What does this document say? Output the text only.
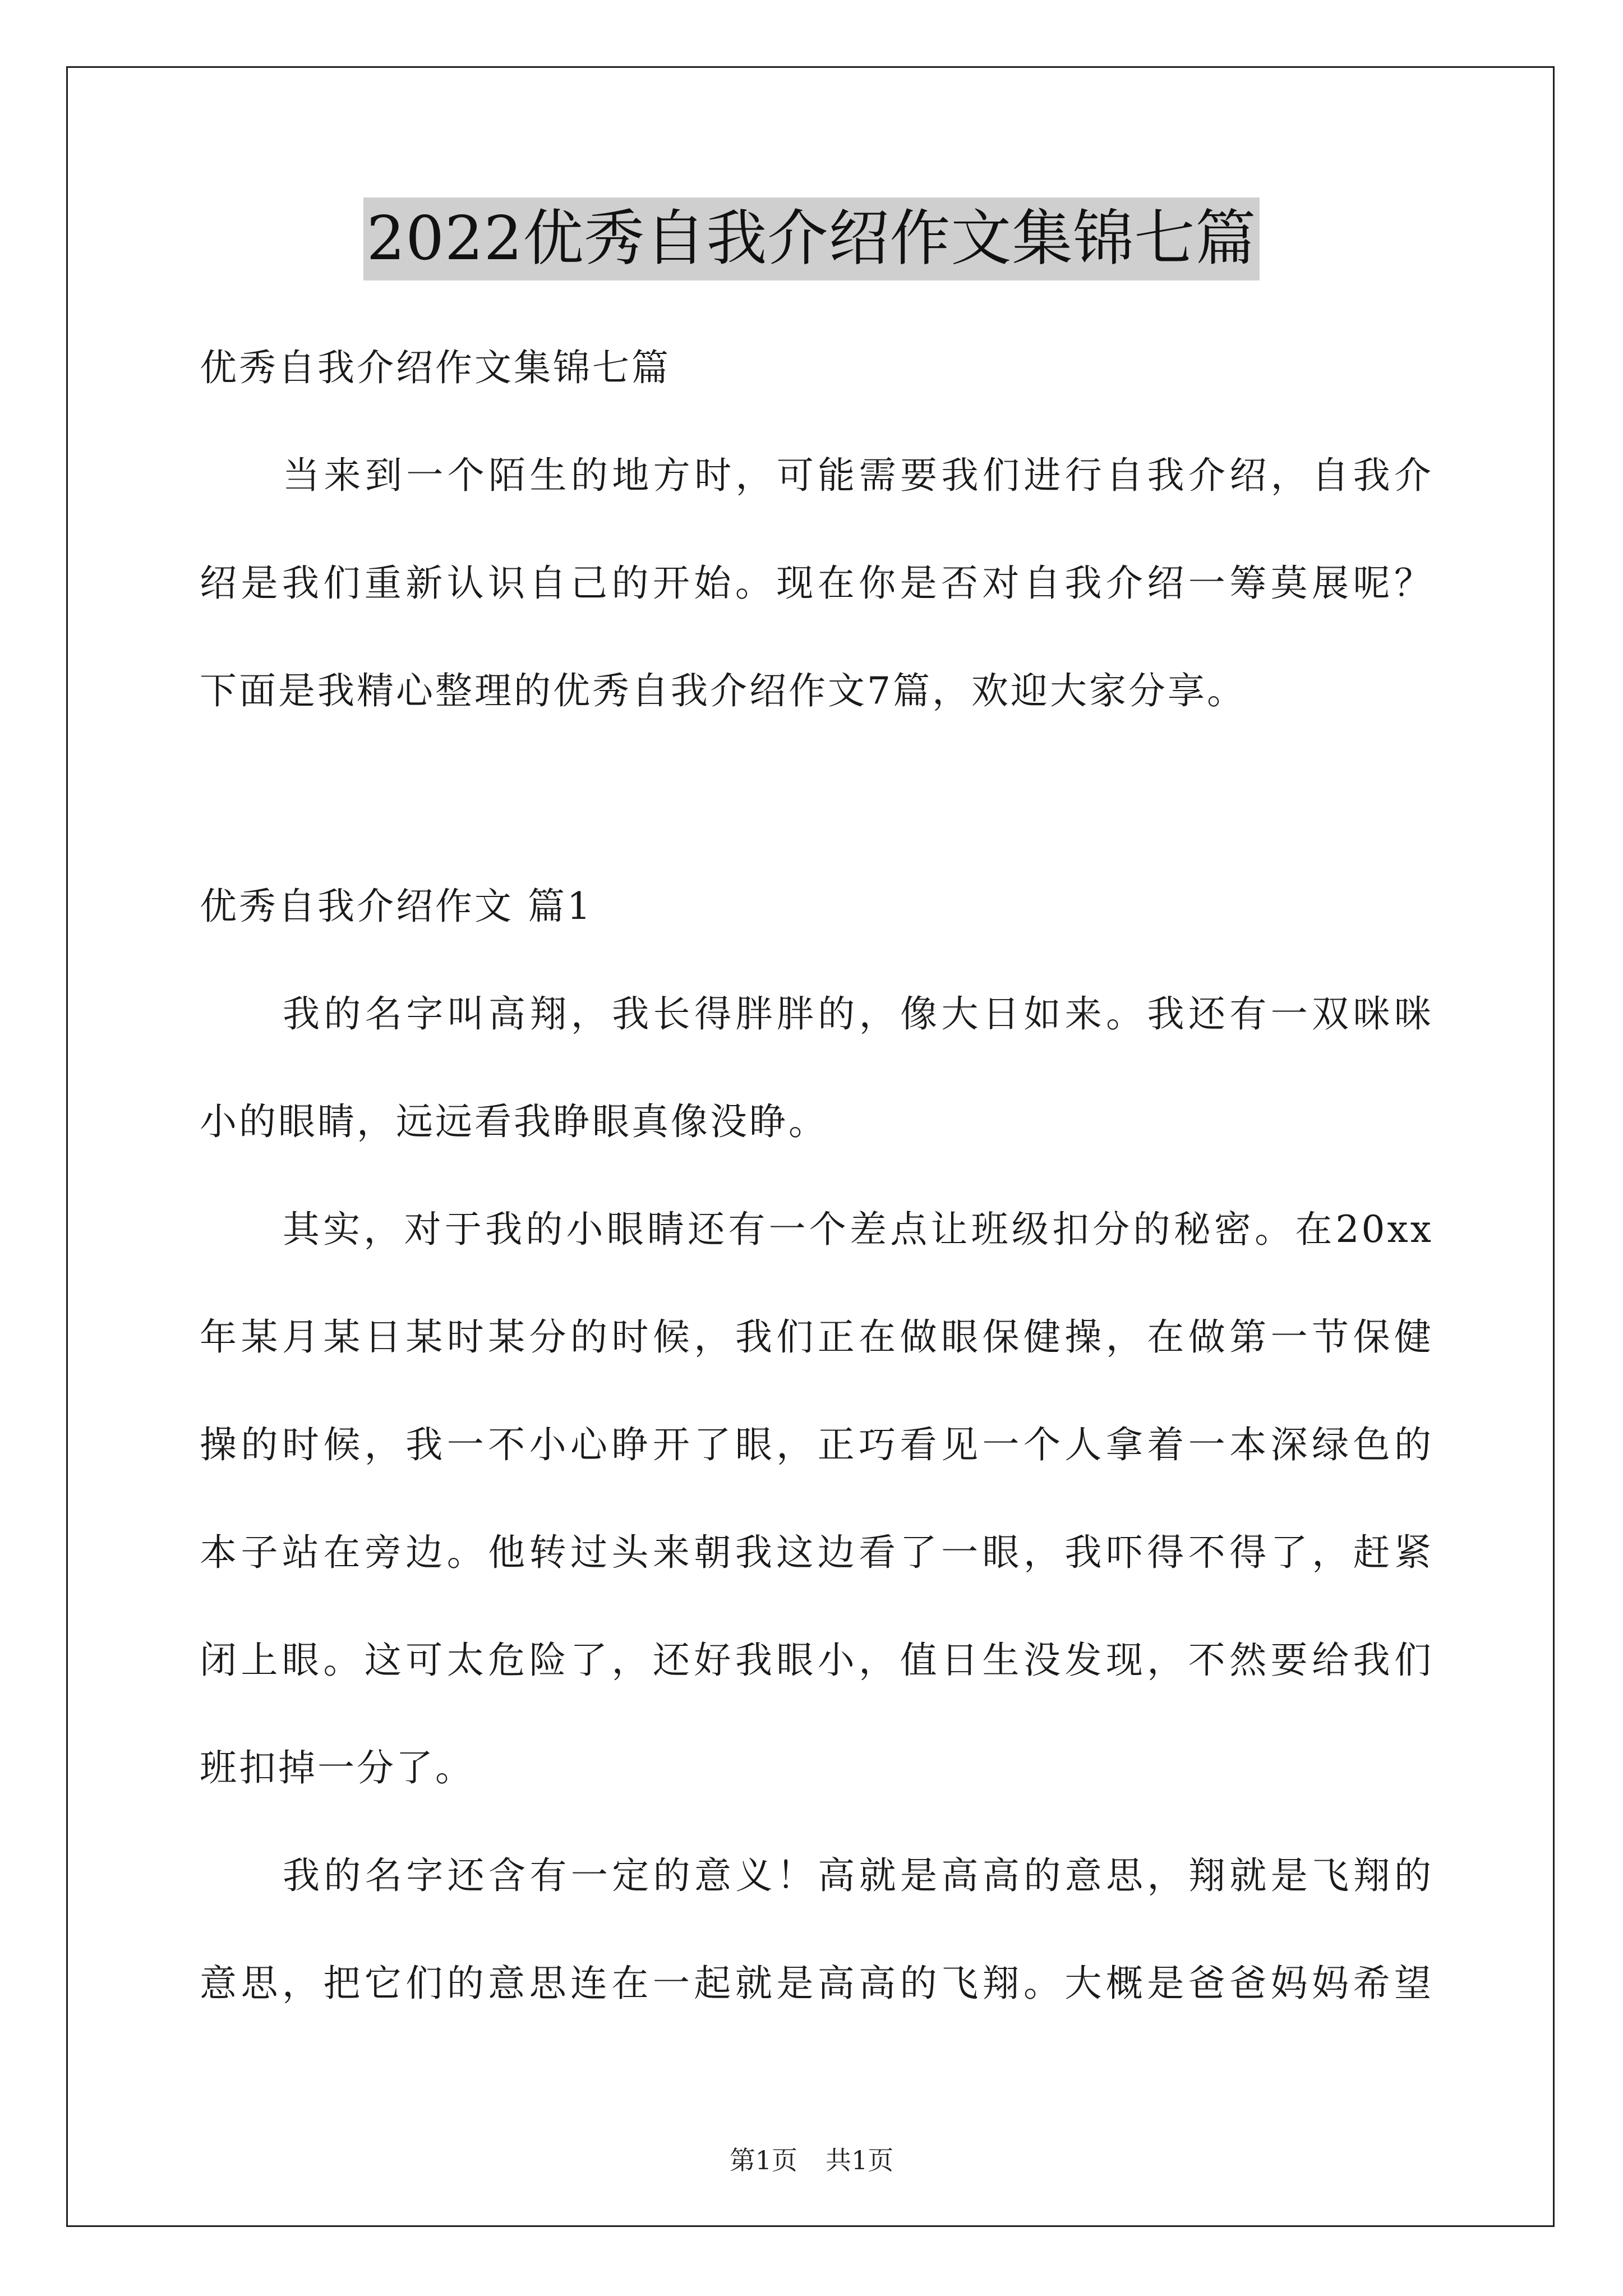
2022优秀自我介绍作文集锦七篇
优秀自我介绍作文集锦七篇
当来到一个陌生的地方时，可能需要我们进行自我介绍，自我介
绍是我们重新认识自己的开始。现在你是否对自我介绍一筹莫展呢？
下面是我精心整理的优秀自我介绍作文7篇，欢迎大家分享。
优秀自我介绍作文 篇1
我的名字叫高翔，我长得胖胖的，像大日如来。我还有一双咪咪
小的眼睛，远远看我睁眼真像没睁。
其实，对于我的小眼睛还有一个差点让班级扣分的秘密。在20xx
年某月某日某时某分的时候，我们正在做眼保健操，在做第一节保健
操的时候，我一不小心睁开了眼，正巧看见一个人拿着一本深绿色的
本子站在旁边。他转过头来朝我这边看了一眼，我吓得不得了，赶紧
闭上眼。这可太危险了，还好我眼小，值日生没发现，不然要给我们
班扣掉一分了。
我的名字还含有一定的意义！高就是高高的意思，翔就是飞翔的
意思，把它们的意思连在一起就是高高的飞翔。大概是爸爸妈妈希望
第1页 共1页
